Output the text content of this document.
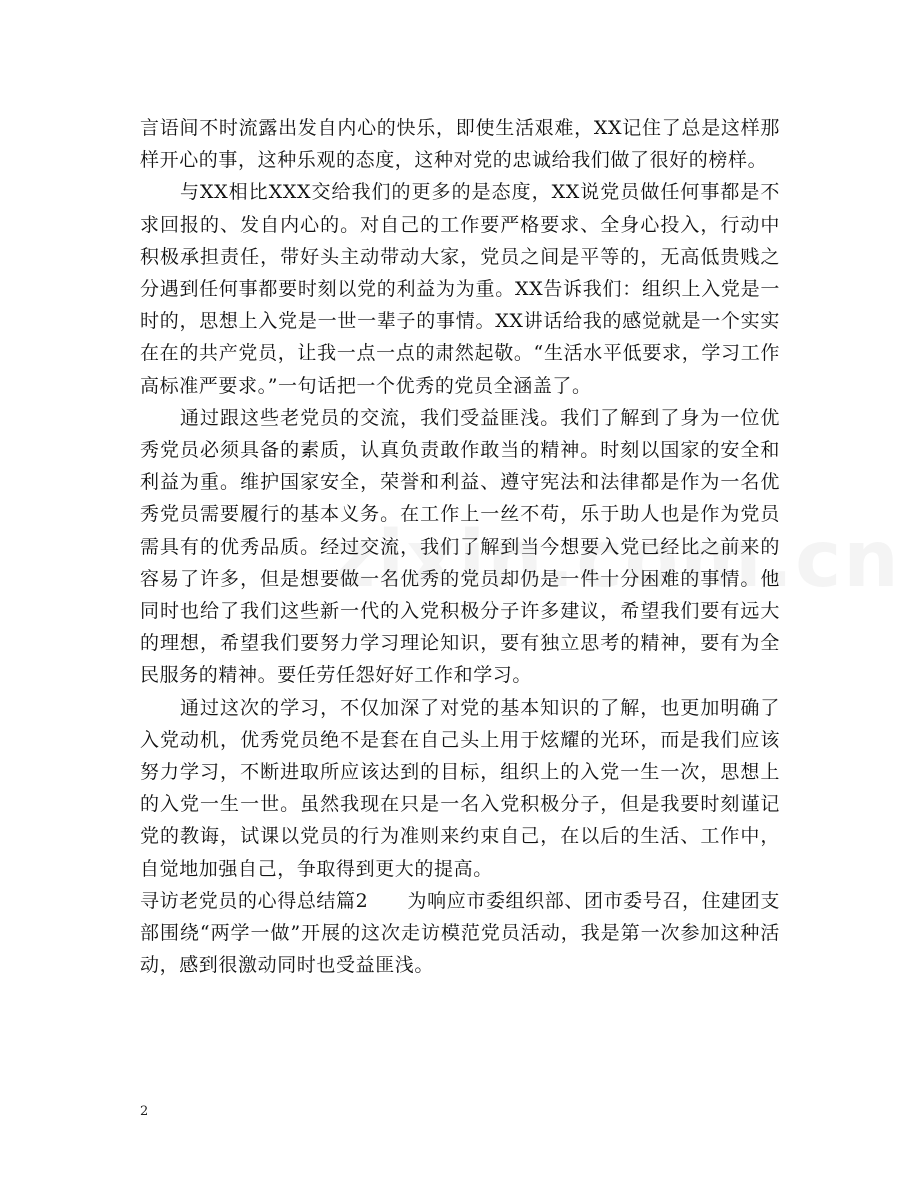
言语间不时流露出发自内心的快乐，即使生活艰难，XX记住了总是这样那样开心的事，这种乐观的态度，这种对党的忠诚给我们做了很好的榜样。

与XX相比XXX交给我们的更多的是态度，XX说党员做任何事都是不求回报的、发自内心的。对自己的工作要严格要求、全身心投入，行动中积极承担责任，带好头主动带动大家，党员之间是平等的，无高低贵贱之分遇到任何事都要时刻以党的利益为为重。XX告诉我们：组织上入党是一时的，思想上入党是一世一辈子的事情。XX讲话给我的感觉就是一个实实在在的共产党员，让我一点一点的肃然起敬。“生活水平低要求，学习工作高标准严要求。”一句话把一个优秀的党员全涵盖了。

通过跟这些老党员的交流，我们受益匪浅。我们了解到了身为一位优秀党员必须具备的素质，认真负责敢作敢当的精神。时刻以国家的安全和利益为重。维护国家安全，荣誉和利益、遵守宪法和法律都是作为一名优秀党员需要履行的基本义务。在工作上一丝不苟，乐于助人也是作为党员需具有的优秀品质。经过交流，我们了解到当今想要入党已经比之前来的容易了许多，但是想要做一名优秀的党员却仍是一件十分困难的事情。他同时也给了我们这些新一代的入党积极分子许多建议，希望我们要有远大的理想，希望我们要努力学习理论知识，要有独立思考的精神，要有为全民服务的精神。要任劳任怨好好工作和学习。

通过这次的学习，不仅加深了对党的基本知识的了解，也更加明确了入党动机，优秀党员绝不是套在自己头上用于炫耀的光环，而是我们应该努力学习，不断进取所应该达到的目标，组织上的入党一生一次，思想上的入党一生一世。虽然我现在只是一名入党积极分子，但是我要时刻谨记党的教诲，试课以党员的行为准则来约束自己，在以后的生活、工作中，自觉地加强自己，争取得到更大的提高。

寻访老党员的心得总结篇2　　为响应市委组织部、团市委号召，住建团支部围绕“两学一做”开展的这次走访模范党员活动，我是第一次参加这种活动，感到很激动同时也受益匪浅。

2
